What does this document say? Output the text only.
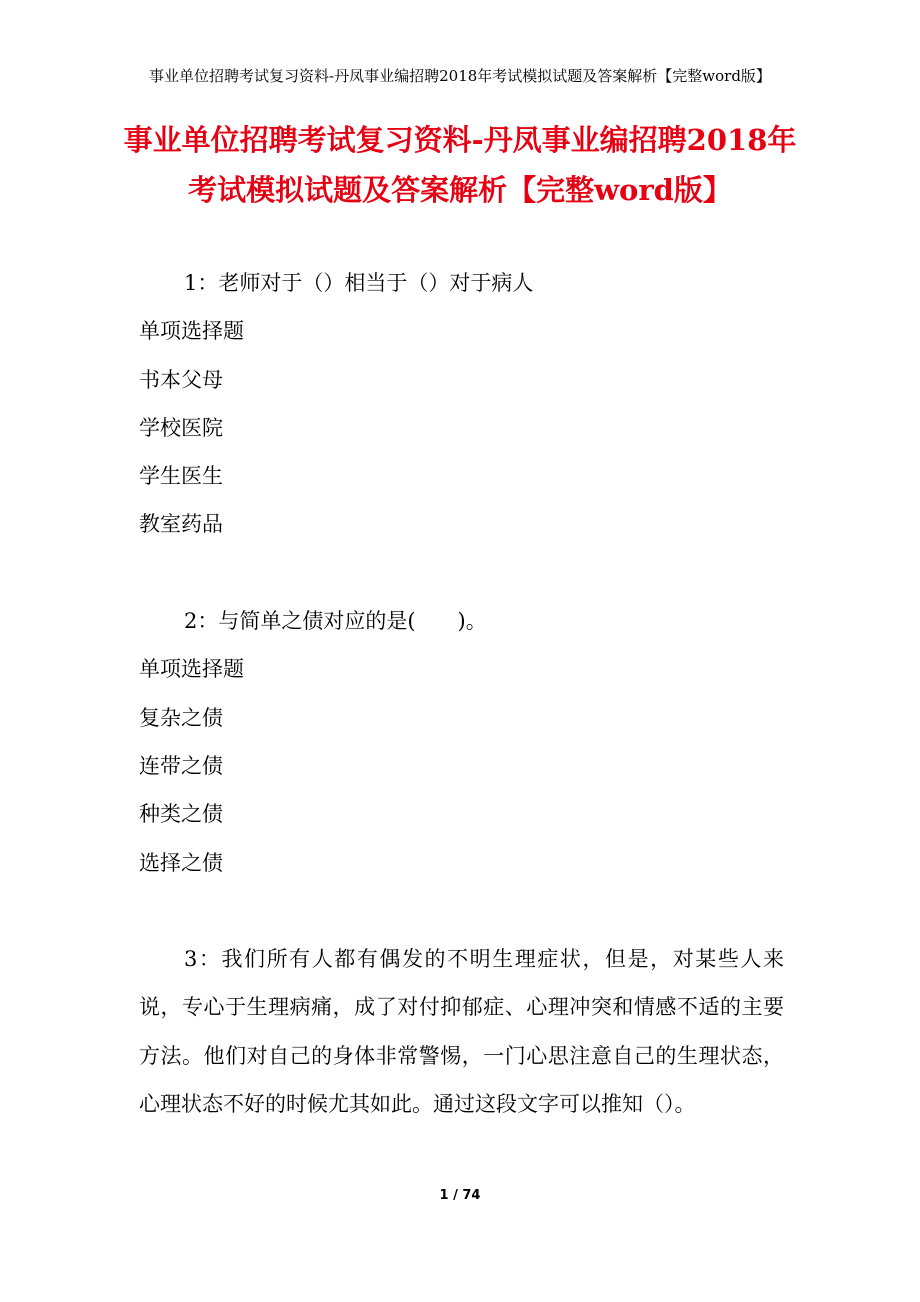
事业单位招聘考试复习资料-丹凤事业编招聘2018年考试模拟试题及答案解析【完整word版】
事业单位招聘考试复习资料-丹凤事业编招聘2018年
考试模拟试题及答案解析【完整word版】
1：老师对于（）相当于（）对于病人
单项选择题
书本父母
学校医院
学生医生
教室药品
2：与简单之债对应的是(　　)。
单项选择题
复杂之债
连带之债
种类之债
选择之债
3：我们所有人都有偶发的不明生理症状，但是，对某些人来说，专心于生理病痛，成了对付抑郁症、心理冲突和情感不适的主要方法。他们对自己的身体非常警惕，一门心思注意自己的生理状态，心理状态不好的时候尤其如此。通过这段文字可以推知（）。
1 / 74
